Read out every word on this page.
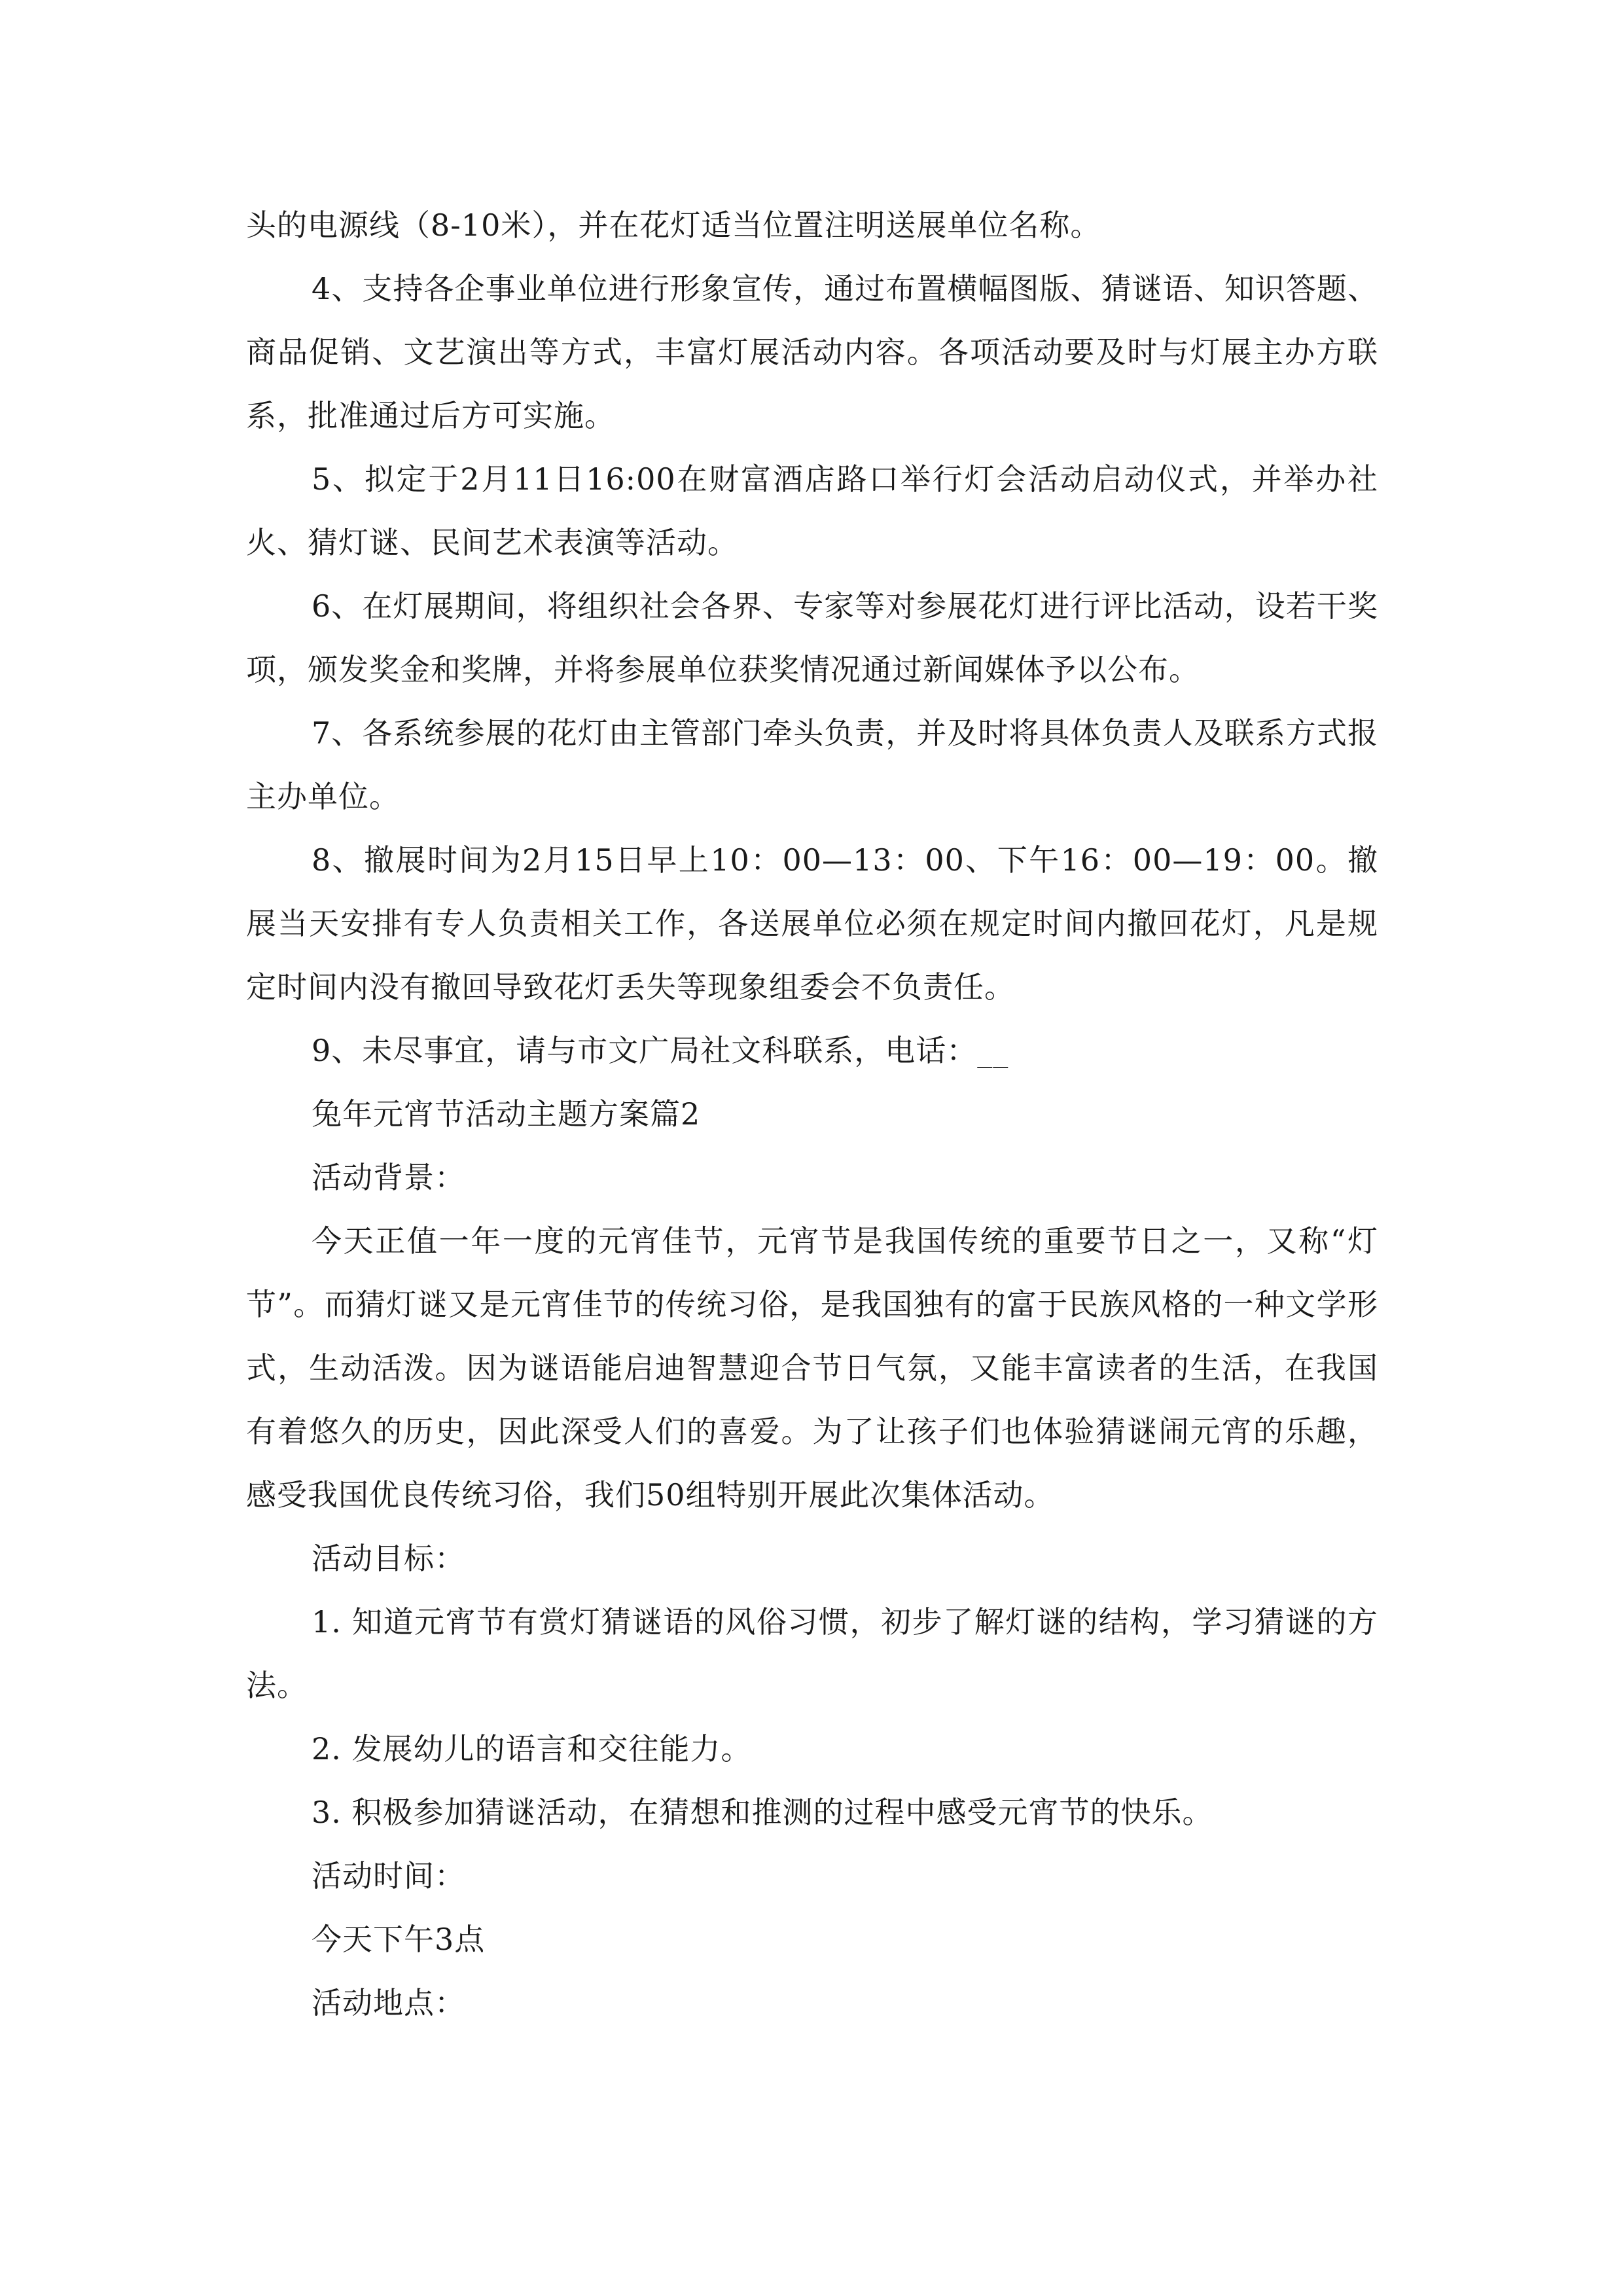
头的电源线（8-10米），并在花灯适当位置注明送展单位名称。

4、支持各企事业单位进行形象宣传，通过布置横幅图版、猜谜语、知识答题、商品促销、文艺演出等方式，丰富灯展活动内容。各项活动要及时与灯展主办方联系，批准通过后方可实施。

5、拟定于2月11日16:00在财富酒店路口举行灯会活动启动仪式，并举办社火、猜灯谜、民间艺术表演等活动。

6、在灯展期间，将组织社会各界、专家等对参展花灯进行评比活动，设若干奖项，颁发奖金和奖牌，并将参展单位获奖情况通过新闻媒体予以公布。

7、各系统参展的花灯由主管部门牵头负责，并及时将具体负责人及联系方式报主办单位。

8、撤展时间为2月15日早上10：00—13：00、下午16：00—19：00。撤展当天安排有专人负责相关工作，各送展单位必须在规定时间内撤回花灯，凡是规定时间内没有撤回导致花灯丢失等现象组委会不负责任。

9、未尽事宜，请与市文广局社文科联系，电话：__

兔年元宵节活动主题方案篇2

活动背景：

今天正值一年一度的元宵佳节，元宵节是我国传统的重要节日之一，又称“灯节”。而猜灯谜又是元宵佳节的传统习俗，是我国独有的富于民族风格的一种文学形式，生动活泼。因为谜语能启迪智慧迎合节日气氛，又能丰富读者的生活，在我国有着悠久的历史，因此深受人们的喜爱。为了让孩子们也体验猜谜闹元宵的乐趣，感受我国优良传统习俗，我们50组特别开展此次集体活动。

活动目标：

1. 知道元宵节有赏灯猜谜语的风俗习惯，初步了解灯谜的结构，学习猜谜的方法。

2. 发展幼儿的语言和交往能力。

3. 积极参加猜谜活动，在猜想和推测的过程中感受元宵节的快乐。

活动时间：

今天下午3点

活动地点：
